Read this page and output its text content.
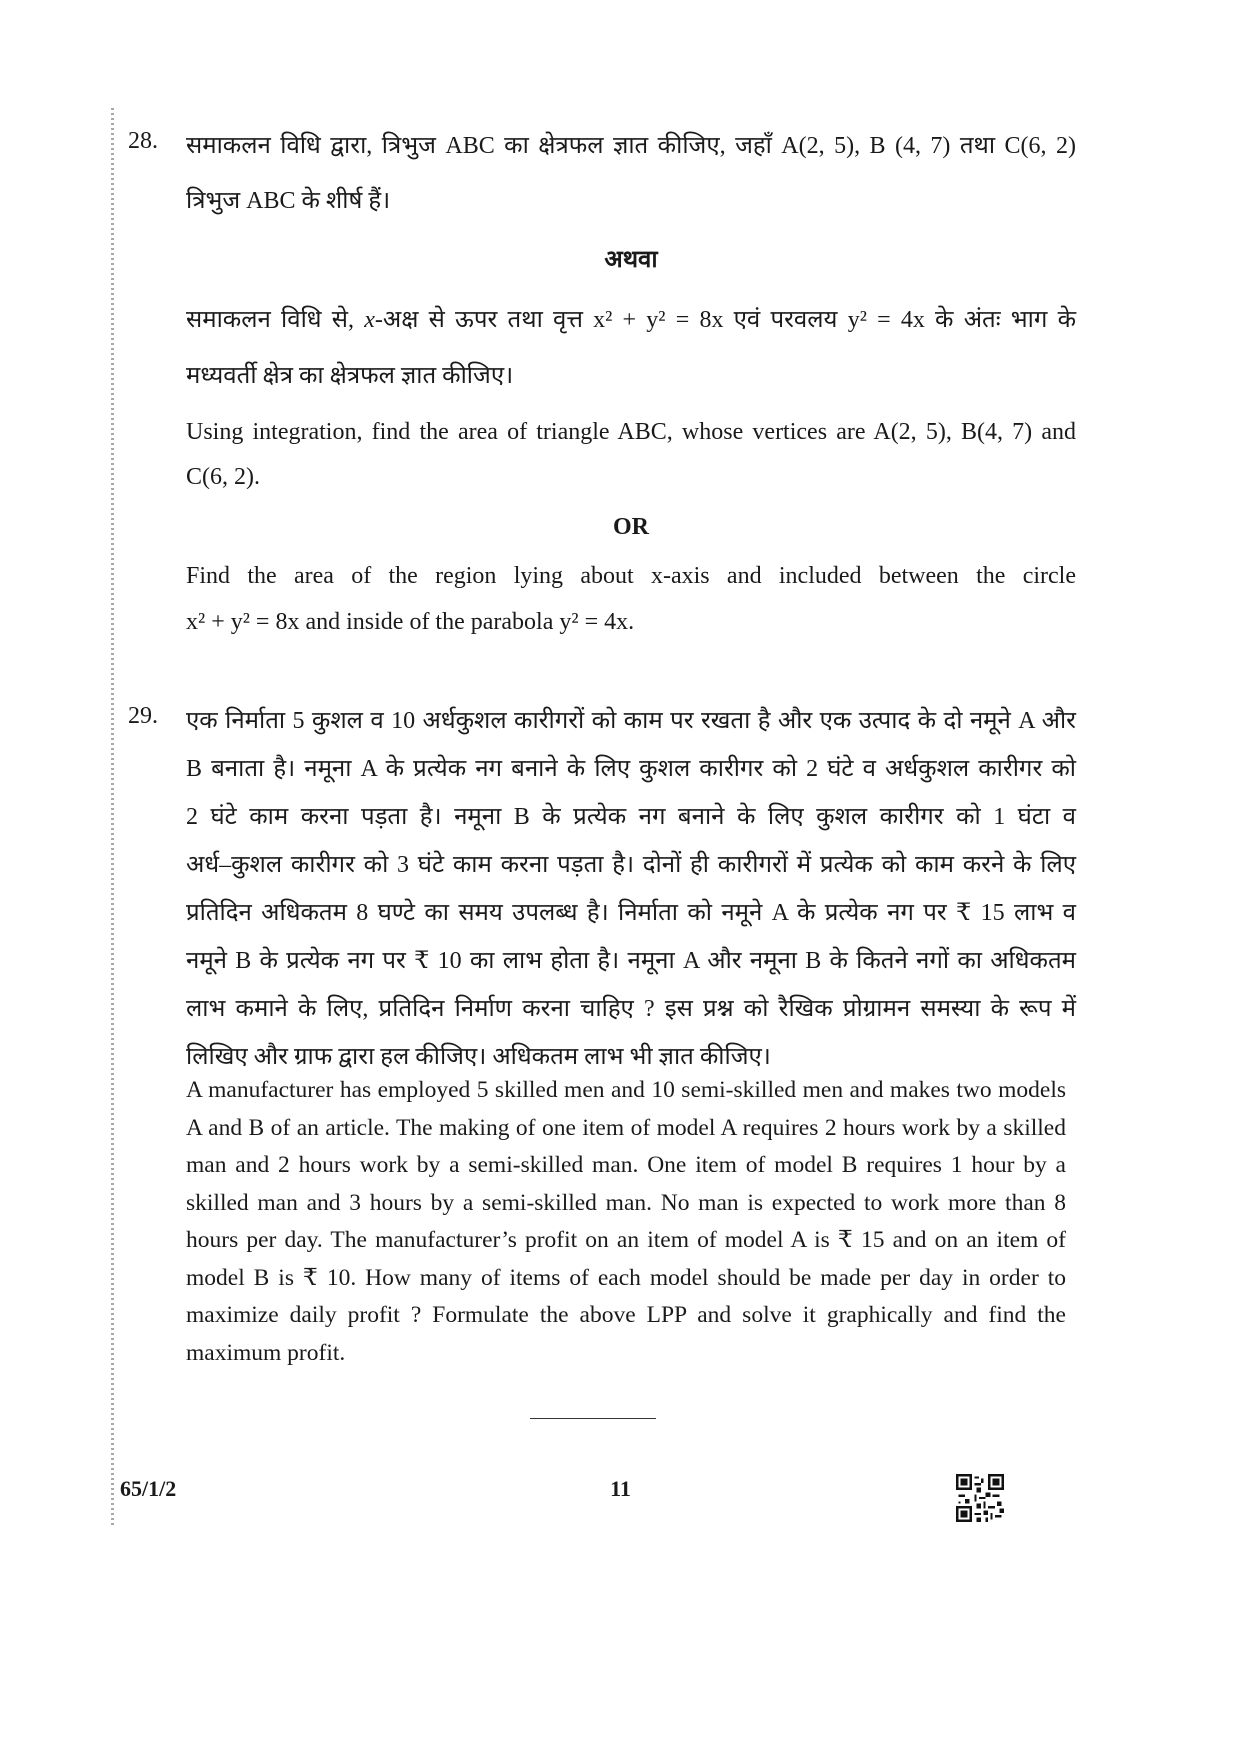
28. समाकलन विधि द्वारा, त्रिभुज ABC का क्षेत्रफल ज्ञात कीजिए, जहाँ A(2, 5), B (4, 7) तथा C(6, 2)
त्रिभुज ABC के शीर्ष हैं।
अथवा
समाकलन विधि से, x-अक्ष से ऊपर तथा वृत्त x² + y² = 8x एवं परवलय y² = 4x के अंतः भाग के
मध्यवर्ती क्षेत्र का क्षेत्रफल ज्ञात कीजिए।
Using integration, find the area of triangle ABC, whose vertices are A(2, 5), B(4, 7) and
C(6, 2).
OR
Find the area of the region lying about x-axis and included between the circle
x² + y² = 8x and inside of the parabola y² = 4x.
29. एक निर्माता 5 कुशल व 10 अर्धकुशल कारीगरों को काम पर रखता है और एक उत्पाद के दो नमूने A और
B बनाता है। नमूना A के प्रत्येक नग बनाने के लिए कुशल कारीगर को 2 घंटे व अर्धकुशल कारीगर को
2 घंटे काम करना पड़ता है। नमूना B के प्रत्येक नग बनाने के लिए कुशल कारीगर को 1 घंटा व
अर्ध–कुशल कारीगर को 3 घंटे काम करना पड़ता है। दोनों ही कारीगरों में प्रत्येक को काम करने के लिए
प्रतिदिन अधिकतम 8 घण्टे का समय उपलब्ध है। निर्माता को नमूने A के प्रत्येक नग पर ₹ 15 लाभ व
नमूने B के प्रत्येक नग पर ₹ 10 का लाभ होता है। नमूना A और नमूना B के कितने नगों का अधिकतम
लाभ कमाने के लिए, प्रतिदिन निर्माण करना चाहिए ? इस प्रश्न को रैखिक प्रोग्रामन समस्या के रूप में
लिखिए और ग्राफ द्वारा हल कीजिए। अधिकतम लाभ भी ज्ञात कीजिए।
A manufacturer has employed 5 skilled men and 10 semi-skilled men and makes two models A and B of an article. The making of one item of model A requires 2 hours work by a skilled man and 2 hours work by a semi-skilled man. One item of model B requires 1 hour by a skilled man and 3 hours by a semi-skilled man. No man is expected to work more than 8 hours per day. The manufacturer’s profit on an item of model A is ₹ 15 and on an item of model B is ₹ 10. How many of items of each model should be made per day in order to maximize daily profit ? Formulate the above LPP and solve it graphically and find the maximum profit.
65/1/2	11
